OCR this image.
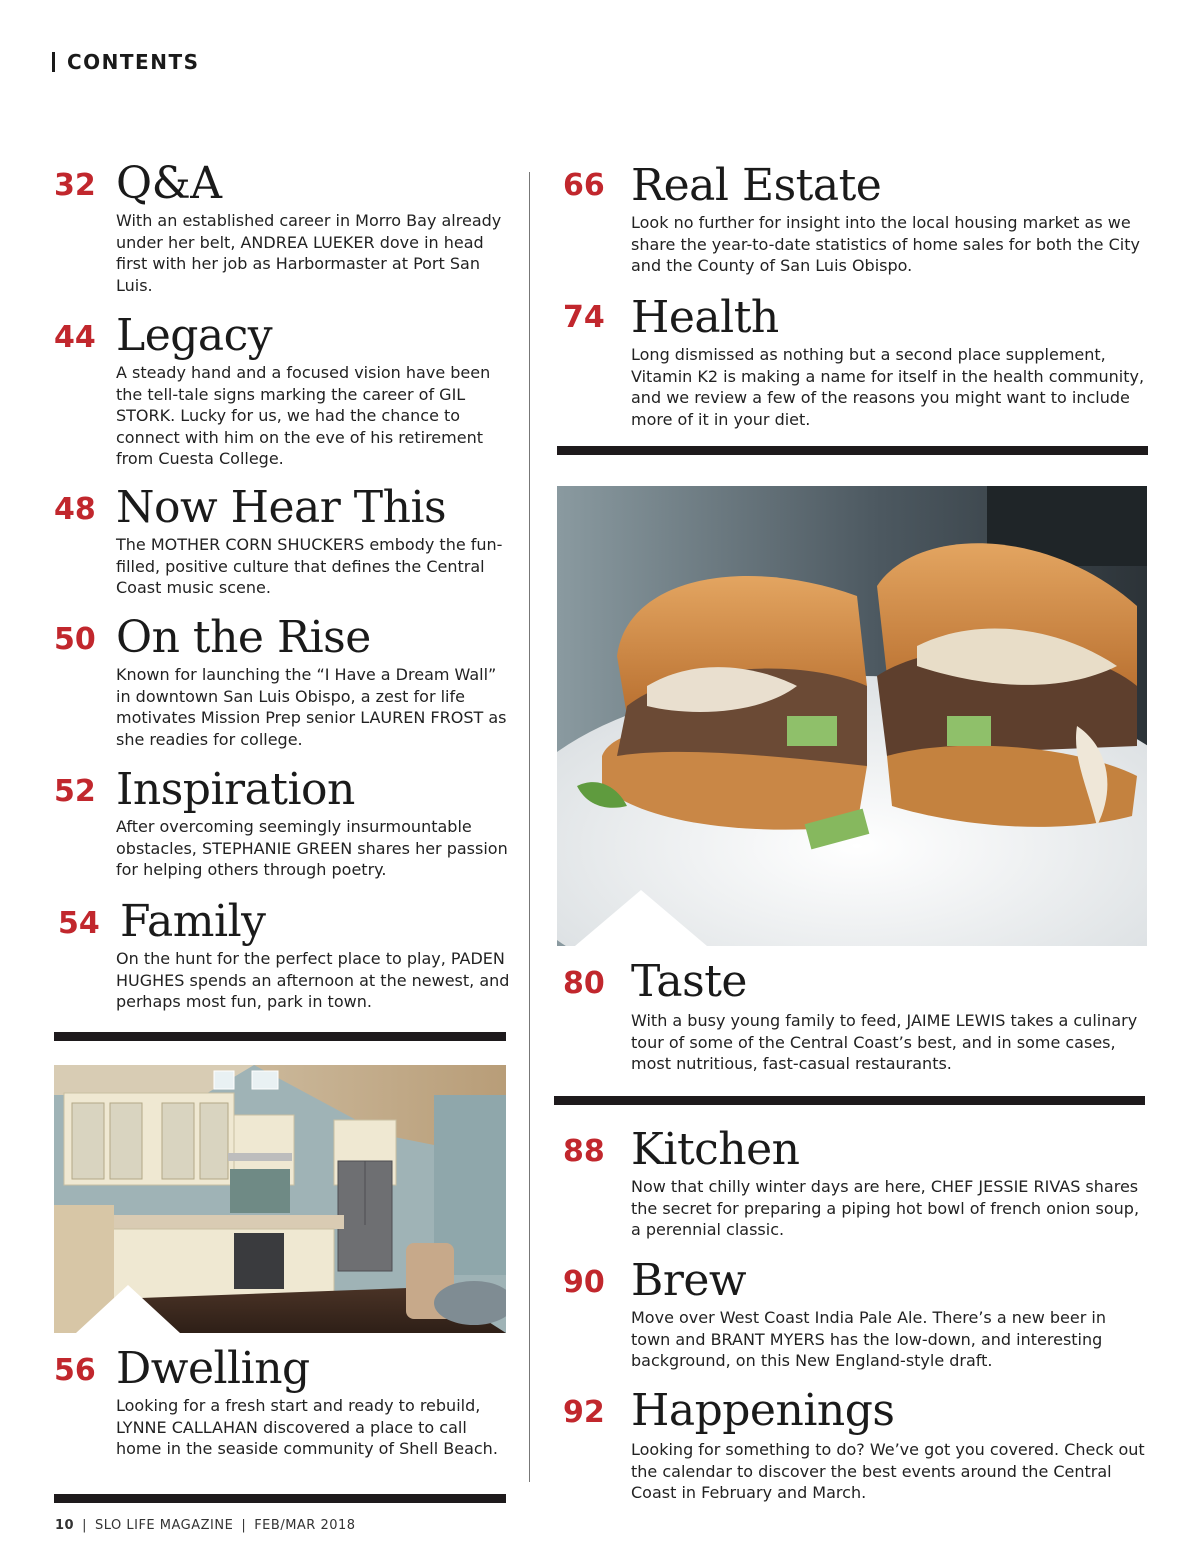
CONTENTS
32 Q&A

With an established career in Morro Bay already under her belt, ANDREA LUEKER dove in head first with her job as Harbormaster at Port San Luis.

44 Legacy

A steady hand and a focused vision have been the tell-tale signs marking the career of GIL STORK. Lucky for us, we had the chance to connect with him on the eve of his retirement from Cuesta College.

48 Now Hear This

The MOTHER CORN SHUCKERS embody the fun-filled, positive culture that defines the Central Coast music scene.

50 On the Rise

Known for launching the “I Have a Dream Wall” in downtown San Luis Obispo, a zest for life motivates Mission Prep senior LAUREN FROST as she readies for college.

52 Inspiration

After overcoming seemingly insurmountable obstacles, STEPHANIE GREEN shares her passion for helping others through poetry.

54 Family

On the hunt for the perfect place to play, PADEN HUGHES spends an afternoon at the newest, and perhaps most fun, park in town.

56 Dwelling

Looking for a fresh start and ready to rebuild, LYNNE CALLAHAN discovered a place to call home in the seaside community of Shell Beach.

66 Real Estate

Look no further for insight into the local housing market as we share the year-to-date statistics of home sales for both the City and the County of San Luis Obispo.

74 Health

Long dismissed as nothing but a second place supplement, Vitamin K2 is making a name for itself in the health community, and we review a few of the reasons you might want to include more of it in your diet.

80 Taste

With a busy young family to feed, JAIME LEWIS takes a culinary tour of some of the Central Coast’s best, and in some cases, most nutritious, fast-casual restaurants.

88 Kitchen

Now that chilly winter days are here, CHEF JESSIE RIVAS shares the secret for preparing a piping hot bowl of french onion soup, a perennial classic.

90 Brew

Move over West Coast India Pale Ale. There’s a new beer in town and BRANT MYERS has the low-down, and interesting background, on this New England-style draft.

92 Happenings

Looking for something to do? We’ve got you covered. Check out the calendar to discover the best events around the Central Coast in February and March.

10 | SLO LIFE MAGAZINE | FEB/MAR 2018
